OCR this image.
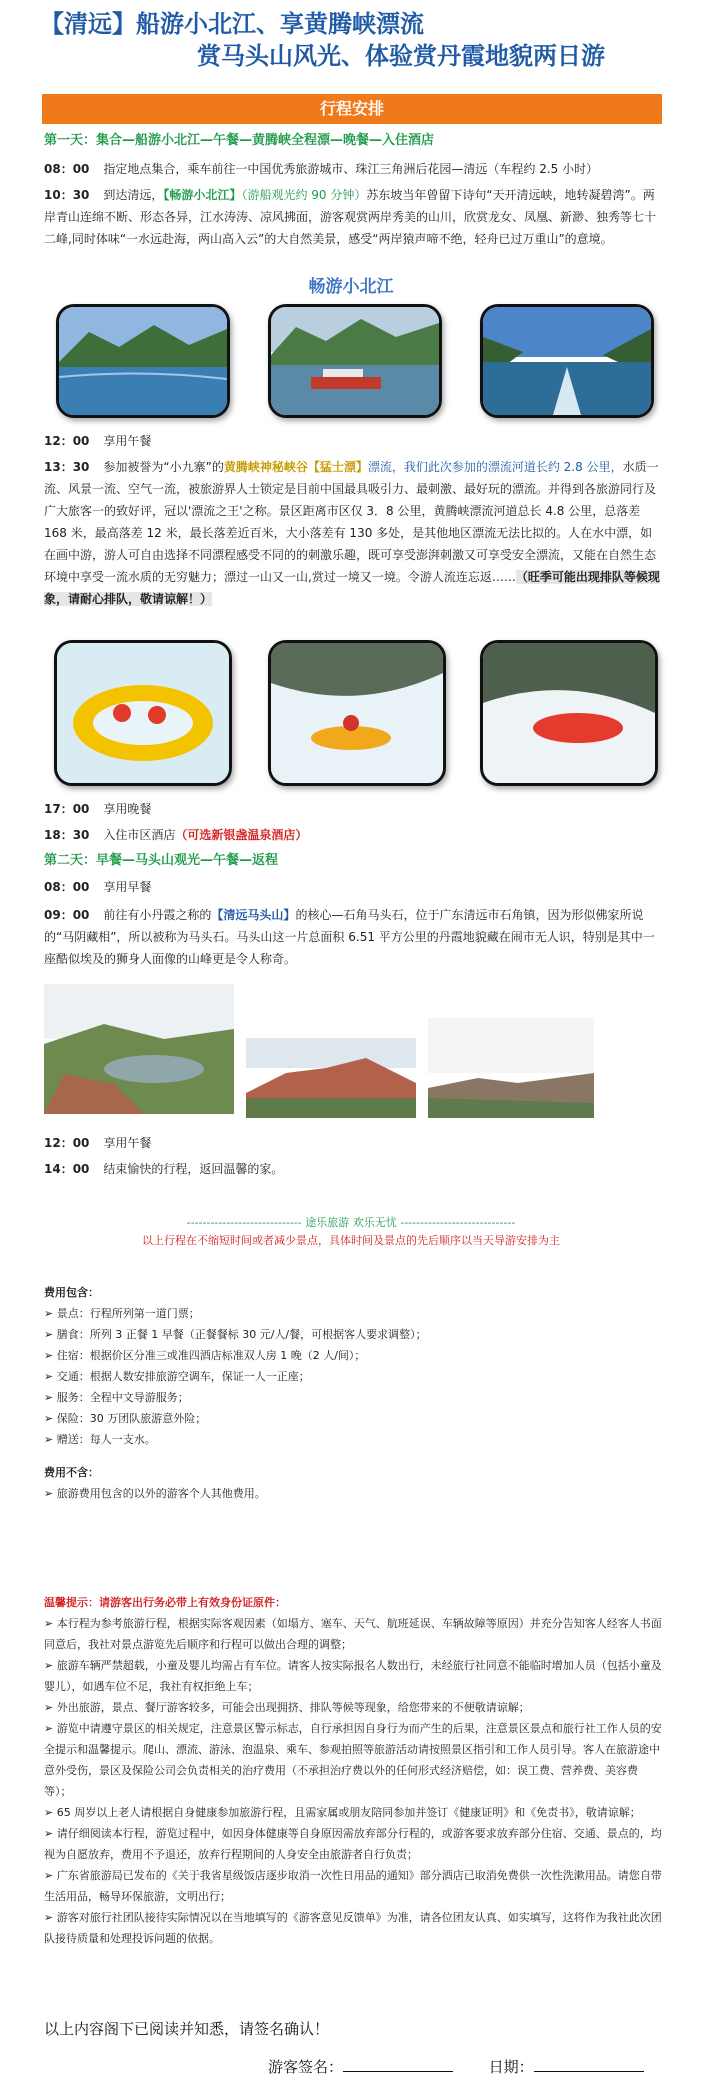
【清远】船游小北江、享黄腾峡漂流
赏马头山风光、体验赏丹霞地貌两日游
行程安排
第一天：集合—船游小北江—午餐—黄腾峡全程漂—晚餐—入住酒店
08：00 指定地点集合，乘车前往一中国优秀旅游城市、珠江三角洲后花园—清远（车程约 2.5 小时）
10：30 到达清远，【畅游小北江】（游船观光约 90 分钟）苏东坡当年曾留下诗句“天开清远峡，地转凝碧湾”。两岸青山连绵不断、形态各异，江水涛涛、凉风拂面，游客观赏两岸秀美的山川，欣赏龙女、凤凰、新渺、独秀等七十二峰,同时体味“一水远赴海，两山高入云”的大自然美景，感受“两岸猿声啼不绝，轻舟已过万重山”的意境。
畅游小北江
12：00 享用午餐
13：30 参加被誉为“小九寨”的黄腾峡神秘峡谷【猛士漂】漂流，我们此次参加的漂流河道长约 2.8 公里，水质一流、风景一流、空气一流，被旅游界人士锁定是目前中国最具吸引力、最刺激、最好玩的漂流。并得到各旅游同行及广大旅客一的致好评，冠以'漂流之王'之称。景区距离市区仅 3．8 公里，黄腾峡漂流河道总长 4.8 公里，总落差 168 米，最高落差 12 米，最长落差近百米，大小落差有 130 多处，是其他地区漂流无法比拟的。人在水中漂，如在画中游，游人可自由选择不同漂程感受不同的的刺激乐趣，既可享受澎湃刺激又可享受安全漂流，又能在自然生态环境中享受一流水质的无穷魅力；漂过一山又一山,赏过一境又一境。令游人流连忘返……（旺季可能出现排队等候现象，请耐心排队，敬请谅解！）
17：00 享用晚餐
18：30 入住市区酒店（可选新银盏温泉酒店）
第二天：早餐—马头山观光—午餐—返程
08：00 享用早餐
09：00 前往有小丹霞之称的【清远马头山】的核心—石角马头石，位于广东清远市石角镇，因为形似佛家所说的“马阴藏相”，所以被称为马头石。马头山这一片总面积 6.51 平方公里的丹霞地貌藏在闹市无人识，特别是其中一座酷似埃及的狮身人面像的山峰更是令人称奇。
12：00 享用午餐
14：00 结束愉快的行程，返回温馨的家。
----------------------------- 途乐旅游 欢乐无忧 -----------------------------
以上行程在不缩短时间或者减少景点，具体时间及景点的先后顺序以当天导游安排为主
费用包含：
➢ 景点：行程所列第一道门票；
➢ 膳食：所列 3 正餐 1 早餐（正餐餐标 30 元/人/餐，可根据客人要求调整）；
➢ 住宿：根据价区分准三或准四酒店标准双人房 1 晚（2 人/间）；
➢ 交通：根据人数安排旅游空调车，保证一人一正座；
➢ 服务：全程中文导游服务；
➢ 保险：30 万团队旅游意外险；
➢ 赠送：每人一支水。
费用不含：
➢ 旅游费用包含的以外的游客个人其他费用。
温馨提示：请游客出行务必带上有效身份证原件：
➢ 本行程为参考旅游行程，根据实际客观因素（如塌方、塞车、天气、航班延误、车辆故障等原因）并充分告知客人经客人书面同意后，我社对景点游览先后顺序和行程可以做出合理的调整；
➢ 旅游车辆严禁超载，小童及婴儿均需占有车位。请客人按实际报名人数出行，未经旅行社同意不能临时增加人员（包括小童及婴儿），如遇车位不足，我社有权拒绝上车；
➢ 外出旅游，景点、餐厅游客较多，可能会出现拥挤、排队等候等现象，给您带来的不便敬请谅解；
➢ 游览中请遵守景区的相关规定，注意景区警示标志，自行承担因自身行为而产生的后果，注意景区景点和旅行社工作人员的安全提示和温馨提示。爬山、漂流、游泳、泡温泉、乘车、参观拍照等旅游活动请按照景区指引和工作人员引导。客人在旅游途中意外受伤，景区及保险公司会负责相关的治疗费用（不承担治疗费以外的任何形式经济赔偿，如：误工费、营养费、美容费等）；
➢ 65 周岁以上老人请根据自身健康参加旅游行程，且需家属或朋友陪同参加并签订《健康证明》和《免责书》，敬请谅解；
➢ 请仔细阅读本行程，游览过程中，如因身体健康等自身原因需放弃部分行程的，或游客要求放弃部分住宿、交通、景点的，均视为自愿放弃，费用不予退还，放弃行程期间的人身安全由旅游者自行负责；
➢ 广东省旅游局已发布的《关于我省星级饭店逐步取消一次性日用品的通知》部分酒店已取消免费供一次性洗漱用品。请您自带生活用品，畅导环保旅游，文明出行；
➢ 游客对旅行社团队接待实际情况以在当地填写的《游客意见反馈单》为准，请各位团友认真、如实填写，这将作为我社此次团队接待质量和处理投诉问题的依据。
以上内容阁下已阅读并知悉，请签名确认！
游客签名：	日期：
